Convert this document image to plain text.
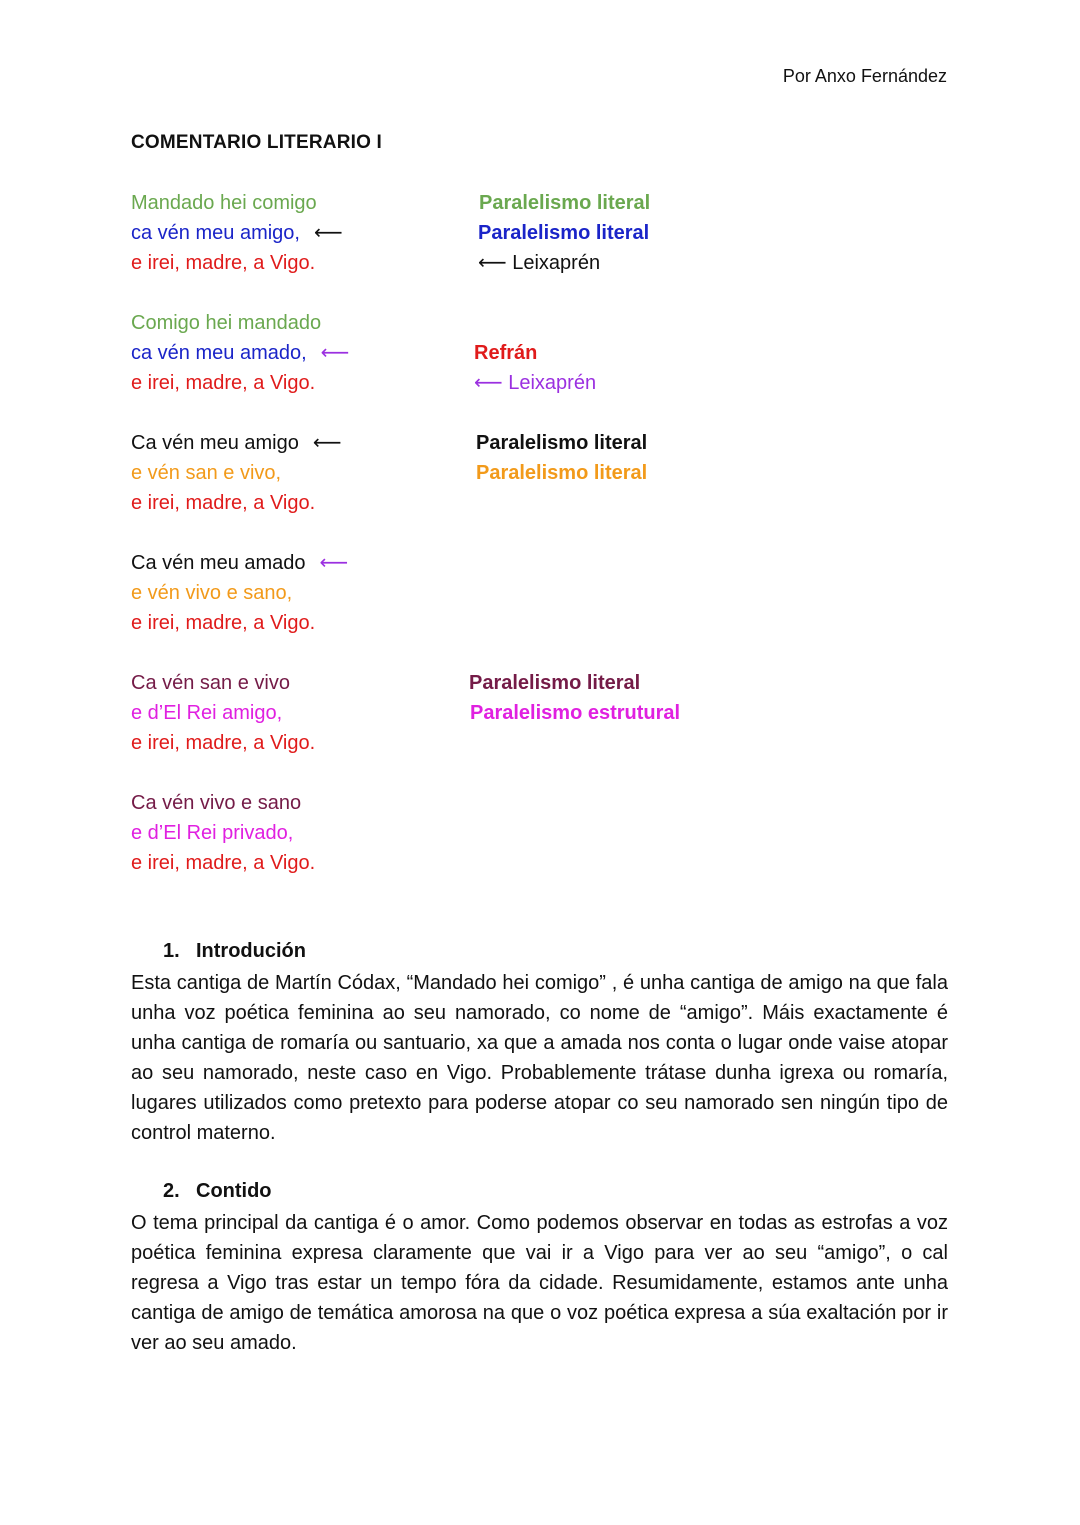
Por Anxo Fernández
COMENTARIO LITERARIO I
Mandado hei comigo
ca vén meu amigo, ⟵
e irei, madre, a Vigo.
Paralelismo literal
Paralelismo literal
⟵ Leixaprén
Comigo hei mandado
ca vén meu amado, ⟵
e irei, madre, a Vigo.
Refrán
⟵ Leixaprén
Ca vén meu amigo ⟵
e vén san e vivo,
e irei, madre, a Vigo.
Paralelismo literal
Paralelismo literal
Ca vén meu amado ⟵
e vén vivo e sano,
e irei, madre, a Vigo.
Ca vén san e vivo
e d’El Rei amigo,
e irei, madre, a Vigo.
Paralelismo literal
Paralelismo estrutural
Ca vén vivo e sano
e d’El Rei privado,
e irei, madre, a Vigo.
1. Introdución
Esta cantiga de Martín Códax, “Mandado hei comigo” , é unha cantiga de amigo na que fala unha voz poética feminina ao seu namorado, co nome de “amigo”. Máis exactamente é unha cantiga de romaría ou santuario, xa que a amada nos conta o lugar onde vaise atopar ao seu namorado, neste caso en Vigo. Probablemente trátase dunha igrexa ou romaría, lugares utilizados como pretexto para poderse atopar co seu namorado sen ningún tipo de control materno.
2. Contido
O tema principal da cantiga é o amor. Como podemos observar en todas as estrofas a voz poética feminina expresa claramente que vai ir a Vigo para ver ao seu “amigo”, o cal regresa a Vigo tras estar un tempo fóra da cidade. Resumidamente, estamos ante unha cantiga de amigo de temática amorosa na que o voz poética expresa a súa exaltación por ir ver ao seu amado.
